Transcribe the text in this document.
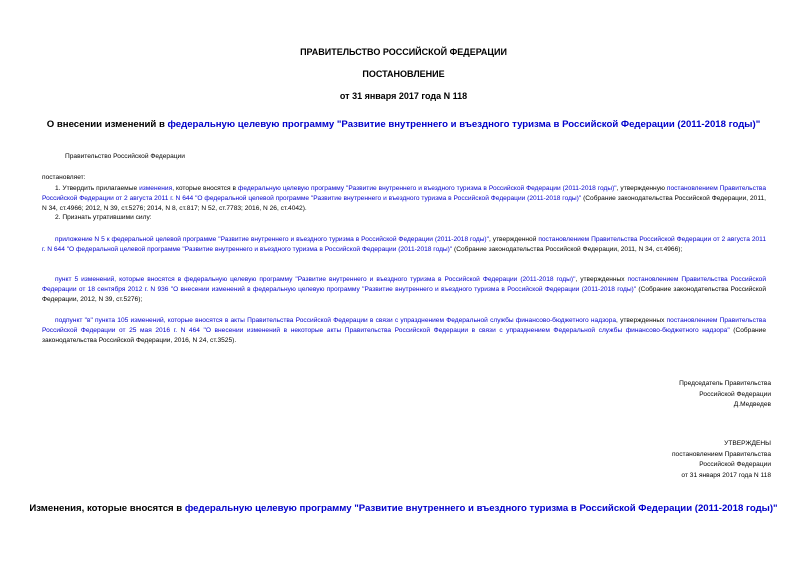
ПРАВИТЕЛЬСТВО РОССИЙСКОЙ ФЕДЕРАЦИИ
ПОСТАНОВЛЕНИЕ
от 31 января 2017 года N 118
О внесении изменений в федеральную целевую программу "Развитие внутреннего и въездного туризма в Российской Федерации (2011-2018 годы)"
Правительство Российской Федерации
постановляет:
1. Утвердить прилагаемые изменения, которые вносятся в федеральную целевую программу "Развитие внутреннего и въездного туризма в Российской Федерации (2011-2018 годы)", утвержденную постановлением Правительства Российской Федерации от 2 августа 2011 г. N 644 "О федеральной целевой программе "Развитие внутреннего и въездного туризма в Российской Федерации (2011-2018 годы)" (Собрание законодательства Российской Федерации, 2011, N 34, ст.4966; 2012, N 39, ст.5276; 2014, N 8, ст.817; N 52, ст.7783; 2016, N 26, ст.4042).
2. Признать утратившими силу:
приложение N 5 к федеральной целевой программе "Развитие внутреннего и въездного туризма в Российской Федерации (2011-2018 годы)", утвержденной постановлением Правительства Российской Федерации от 2 августа 2011 г. N 644 "О федеральной целевой программе "Развитие внутреннего и въездного туризма в Российской Федерации (2011-2018 годы)" (Собрание законодательства Российской Федерации, 2011, N 34, ст.4966);
пункт 5 изменений, которые вносятся в федеральную целевую программу "Развитие внутреннего и въездного туризма в Российской Федерации (2011-2018 годы)", утвержденных постановлением Правительства Российской Федерации от 18 сентября 2012 г. N 936 "О внесении изменений в федеральную целевую программу "Развитие внутреннего и въездного туризма в Российской Федерации (2011-2018 годы)" (Собрание законодательства Российской Федерации, 2012, N 39, ст.5276);
подпункт "в" пункта 105 изменений, которые вносятся в акты Правительства Российской Федерации в связи с упразднением Федеральной службы финансово-бюджетного надзора, утвержденных постановлением Правительства Российской Федерации от 25 мая 2016 г. N 464 "О внесении изменений в некоторые акты Правительства Российской Федерации в связи с упразднением Федеральной службы финансово-бюджетного надзора" (Собрание законодательства Российской Федерации, 2016, N 24, ст.3525).
Председатель Правительства
Российской Федерации
Д.Медведев
УТВЕРЖДЕНЫ
постановлением Правительства
Российской Федерации
от 31 января 2017 года N 118
Изменения, которые вносятся в федеральную целевую программу "Развитие внутреннего и въездного туризма в Российской Федерации (2011-2018 годы)"
